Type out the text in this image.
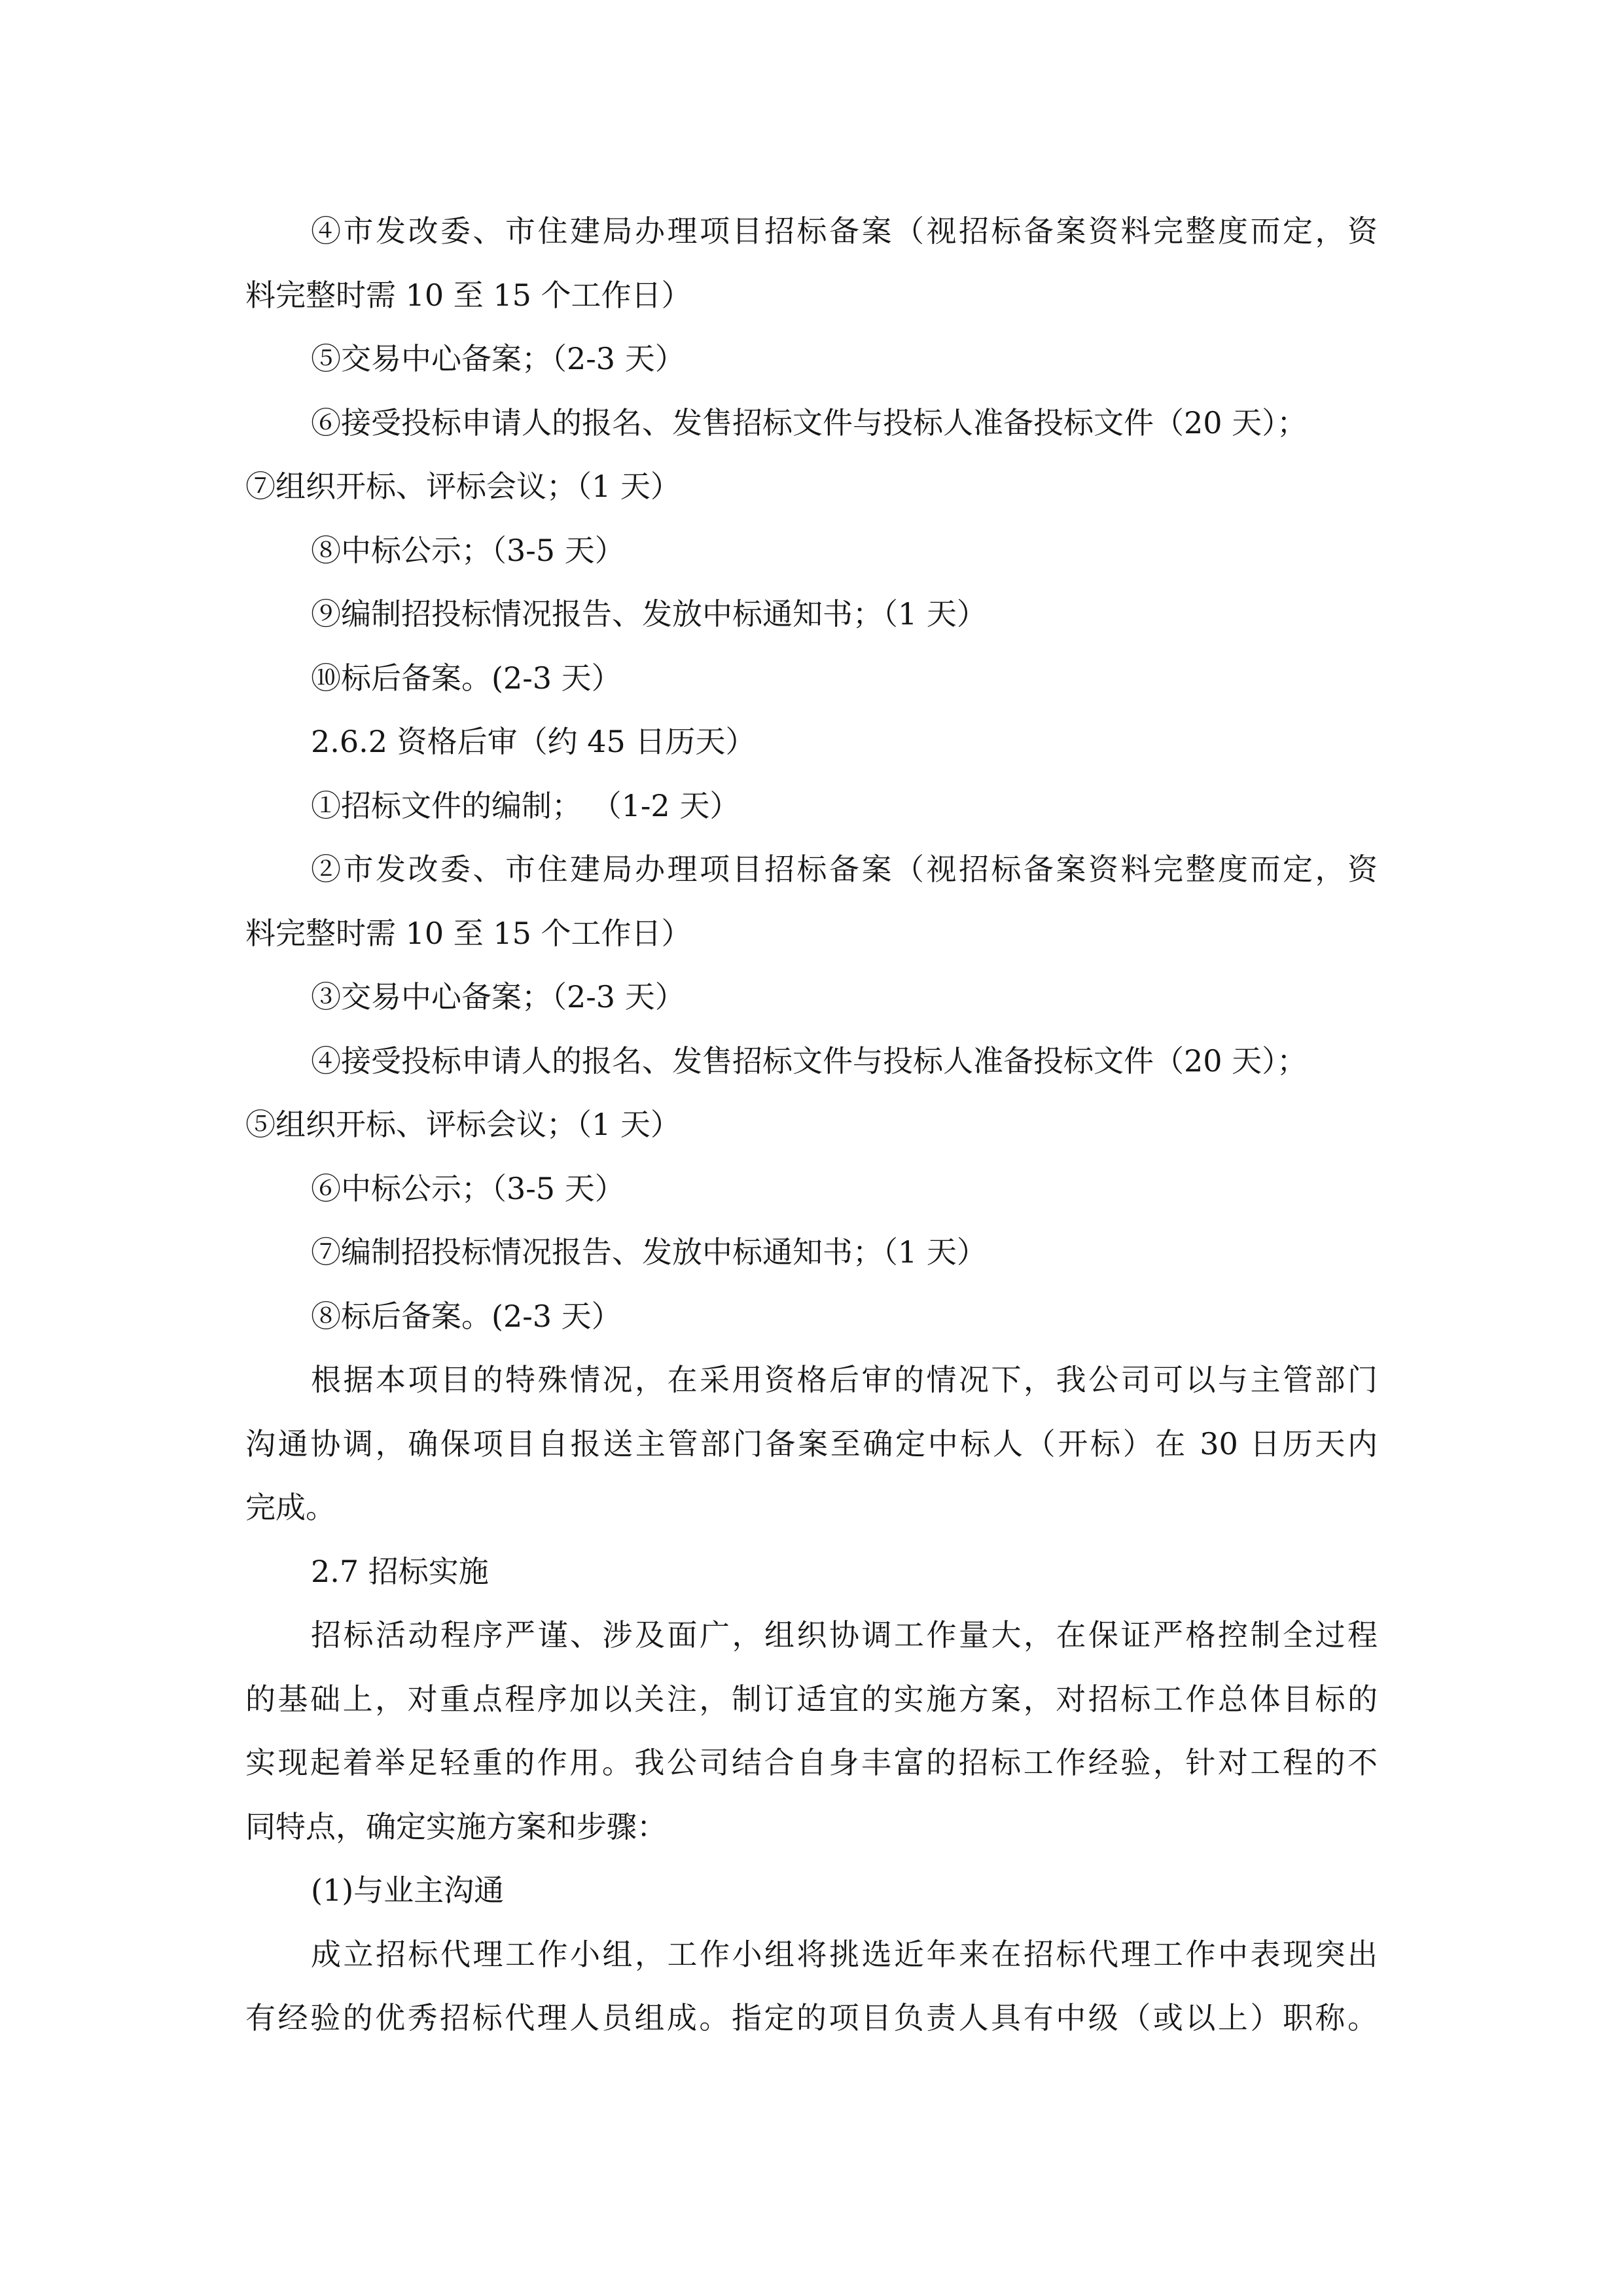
④市发改委、市住建局办理项目招标备案（视招标备案资料完整度而定，资
料完整时需 10 至 15 个工作日）
⑤交易中心备案；（2-3 天）
⑥接受投标申请人的报名、发售招标文件与投标人准备投标文件（20 天）；
⑦组织开标、评标会议；（1 天）
⑧中标公示；（3-5 天）
⑨编制招投标情况报告、发放中标通知书；（1 天）
⑩标后备案。(2-3 天）
2.6.2 资格后审（约 45 日历天）
①招标文件的编制； （1-2 天）
②市发改委、市住建局办理项目招标备案（视招标备案资料完整度而定，资
料完整时需 10 至 15 个工作日）
③交易中心备案；（2-3 天）
④接受投标申请人的报名、发售招标文件与投标人准备投标文件（20 天）；
⑤组织开标、评标会议；（1 天）
⑥中标公示；（3-5 天）
⑦编制招投标情况报告、发放中标通知书；（1 天）
⑧标后备案。(2-3 天）
根据本项目的特殊情况，在采用资格后审的情况下，我公司可以与主管部门
沟通协调，确保项目自报送主管部门备案至确定中标人（开标）在 30 日历天内
完成。
2.7 招标实施
招标活动程序严谨、涉及面广，组织协调工作量大，在保证严格控制全过程
的基础上，对重点程序加以关注，制订适宜的实施方案，对招标工作总体目标的
实现起着举足轻重的作用。我公司结合自身丰富的招标工作经验，针对工程的不
同特点，确定实施方案和步骤：
(1)与业主沟通
成立招标代理工作小组，工作小组将挑选近年来在招标代理工作中表现突出
有经验的优秀招标代理人员组成。指定的项目负责人具有中级（或以上）职称。
